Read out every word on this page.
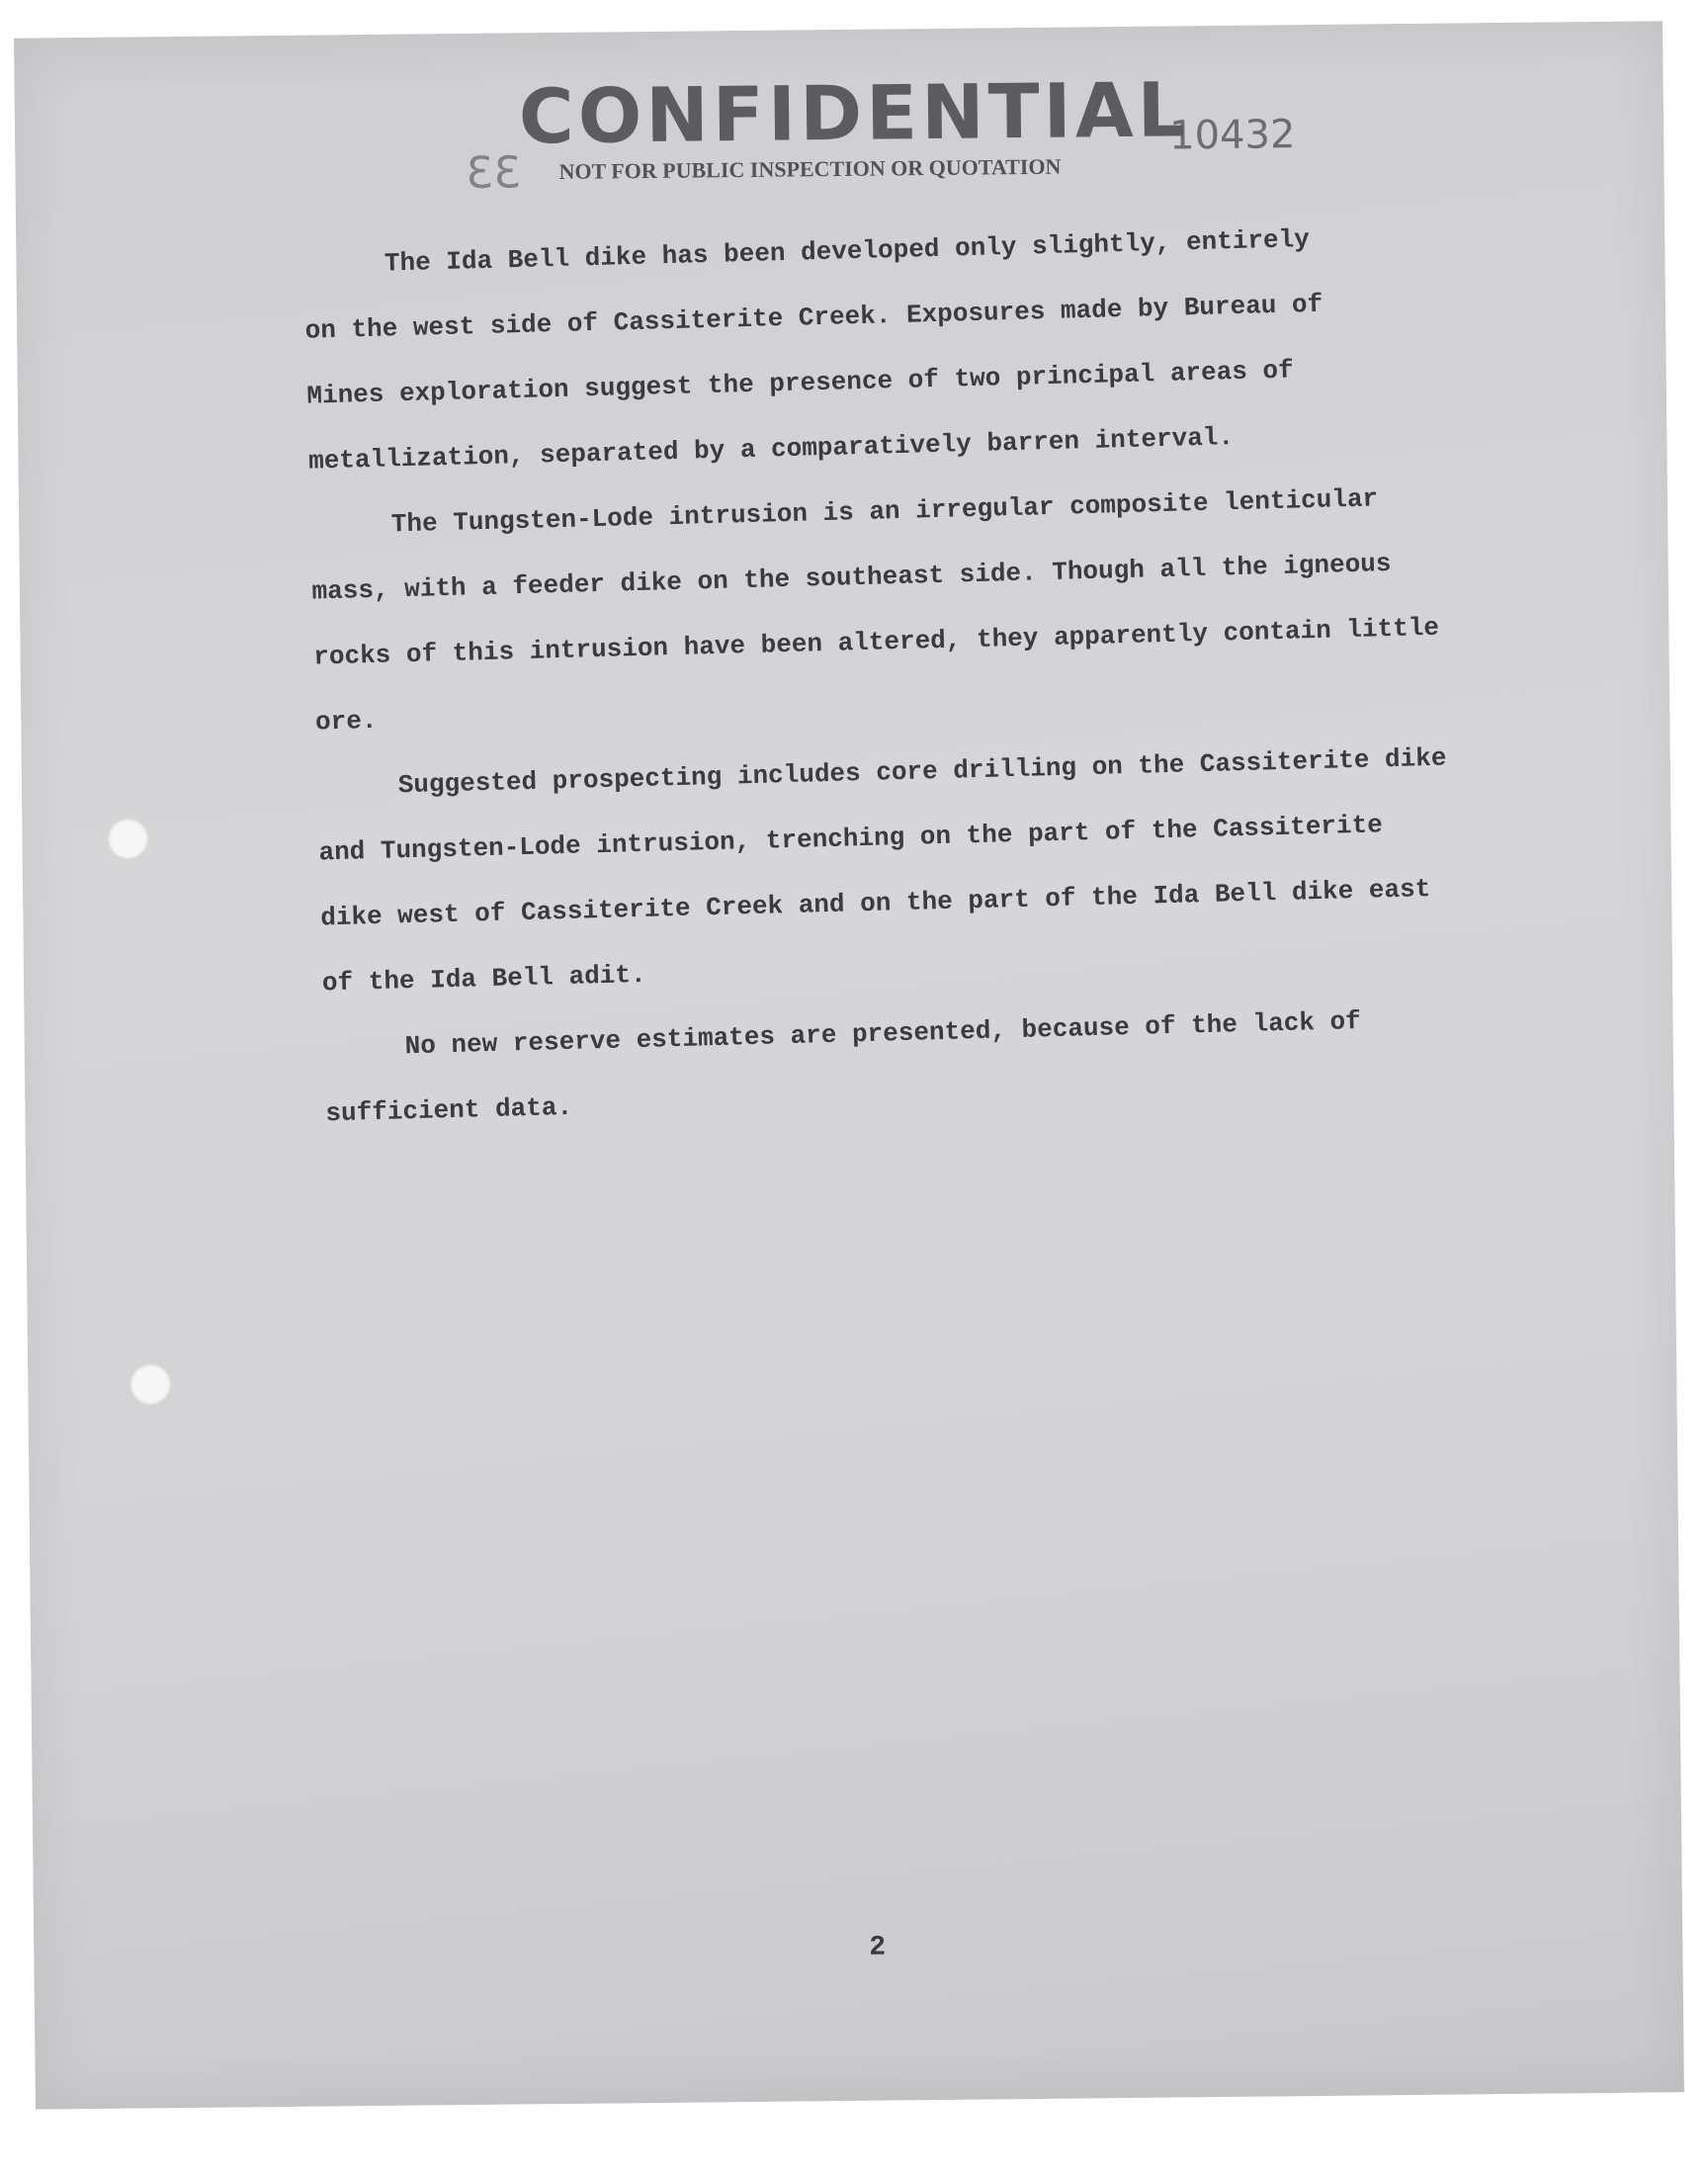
CONFIDENTIAL
NOT FOR PUBLIC INSPECTION OR QUOTATION
33
10432

The Ida Bell dike has been developed only slightly, entirely on the west side of Cassiterite Creek. Exposures made by Bureau of Mines exploration suggest the presence of two principal areas of metallization, separated by a comparatively barren interval.

The Tungsten-Lode intrusion is an irregular composite lenticular mass, with a feeder dike on the southeast side. Though all the igneous rocks of this intrusion have been altered, they apparently contain little ore.

Suggested prospecting includes core drilling on the Cassiterite dike and Tungsten-Lode intrusion, trenching on the part of the Cassiterite dike west of Cassiterite Creek and on the part of the Ida Bell dike east of the Ida Bell adit.

No new reserve estimates are presented, because of the lack of sufficient data.

2
